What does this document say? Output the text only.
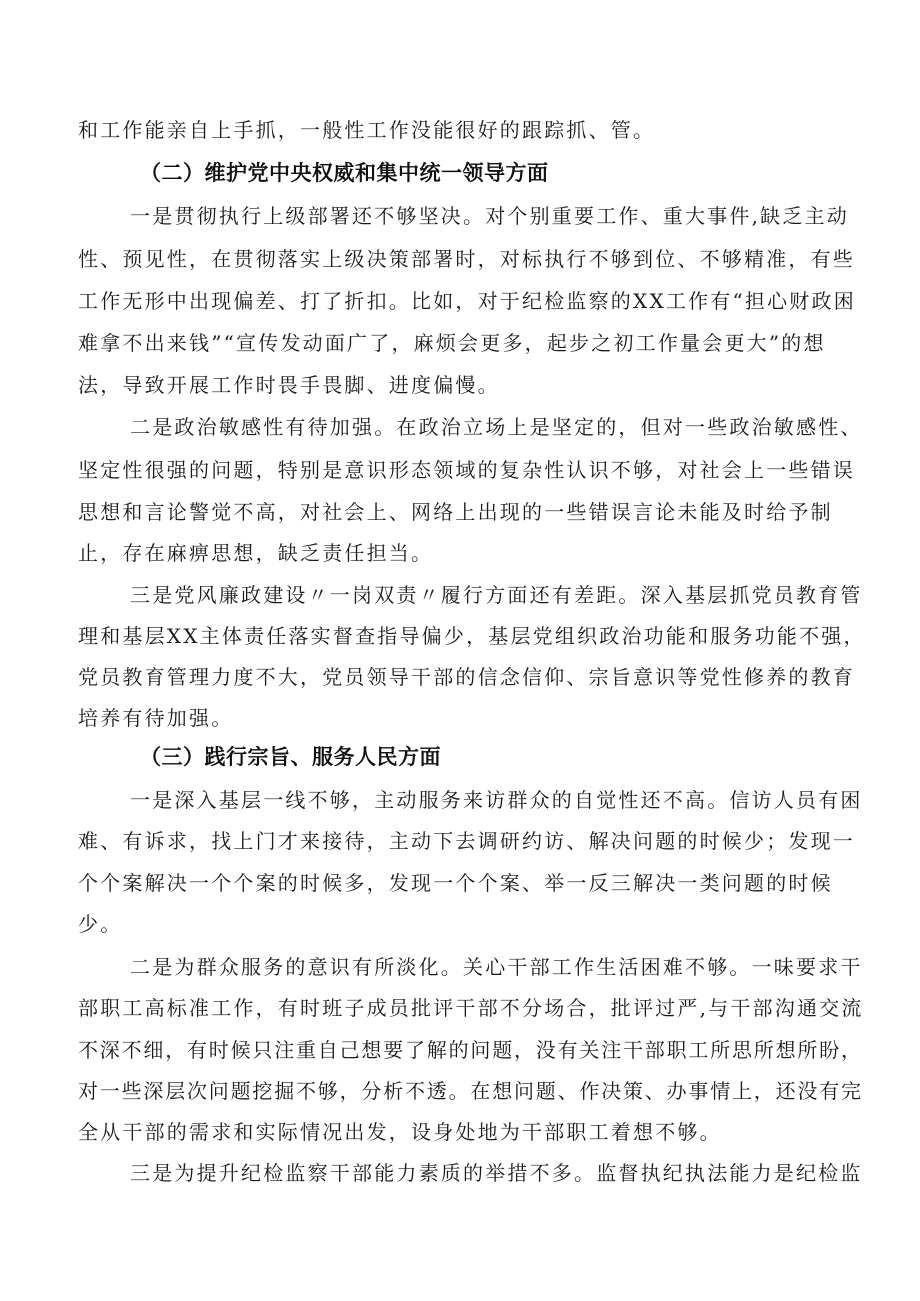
和工作能亲自上手抓，一般性工作没能很好的跟踪抓、管。
（二）维护党中央权威和集中统一领导方面
一是贯彻执行上级部署还不够坚决。对个别重要工作、重大事件,缺乏主动
性、预见性，在贯彻落实上级决策部署时，对标执行不够到位、不够精准，有些
工作无形中出现偏差、打了折扣。比如，对于纪检监察的XX工作有“担心财政困
难拿不出来钱”“宣传发动面广了，麻烦会更多，起步之初工作量会更大”的想
法，导致开展工作时畏手畏脚、进度偏慢。
二是政治敏感性有待加强。在政治立场上是坚定的，但对一些政治敏感性、
坚定性很强的问题，特别是意识形态领域的复杂性认识不够，对社会上一些错误
思想和言论警觉不高，对社会上、网络上出现的一些错误言论未能及时给予制
止，存在麻痹思想，缺乏责任担当。
三是党风廉政建设〃一岗双责〃履行方面还有差距。深入基层抓党员教育管
理和基层XX主体责任落实督查指导偏少，基层党组织政治功能和服务功能不强，
党员教育管理力度不大，党员领导干部的信念信仰、宗旨意识等党性修养的教育
培养有待加强。
（三）践行宗旨、服务人民方面
一是深入基层一线不够，主动服务来访群众的自觉性还不高。信访人员有困
难、有诉求，找上门才来接待，主动下去调研约访、解决问题的时候少；发现一
个个案解决一个个案的时候多，发现一个个案、举一反三解决一类问题的时候
少。
二是为群众服务的意识有所淡化。关心干部工作生活困难不够。一味要求干
部职工高标准工作，有时班子成员批评干部不分场合，批评过严,与干部沟通交流
不深不细，有时候只注重自己想要了解的问题，没有关注干部职工所思所想所盼，
对一些深层次问题挖掘不够，分析不透。在想问题、作决策、办事情上，还没有完
全从干部的需求和实际情况出发，设身处地为干部职工着想不够。
三是为提升纪检监察干部能力素质的举措不多。监督执纪执法能力是纪检监
